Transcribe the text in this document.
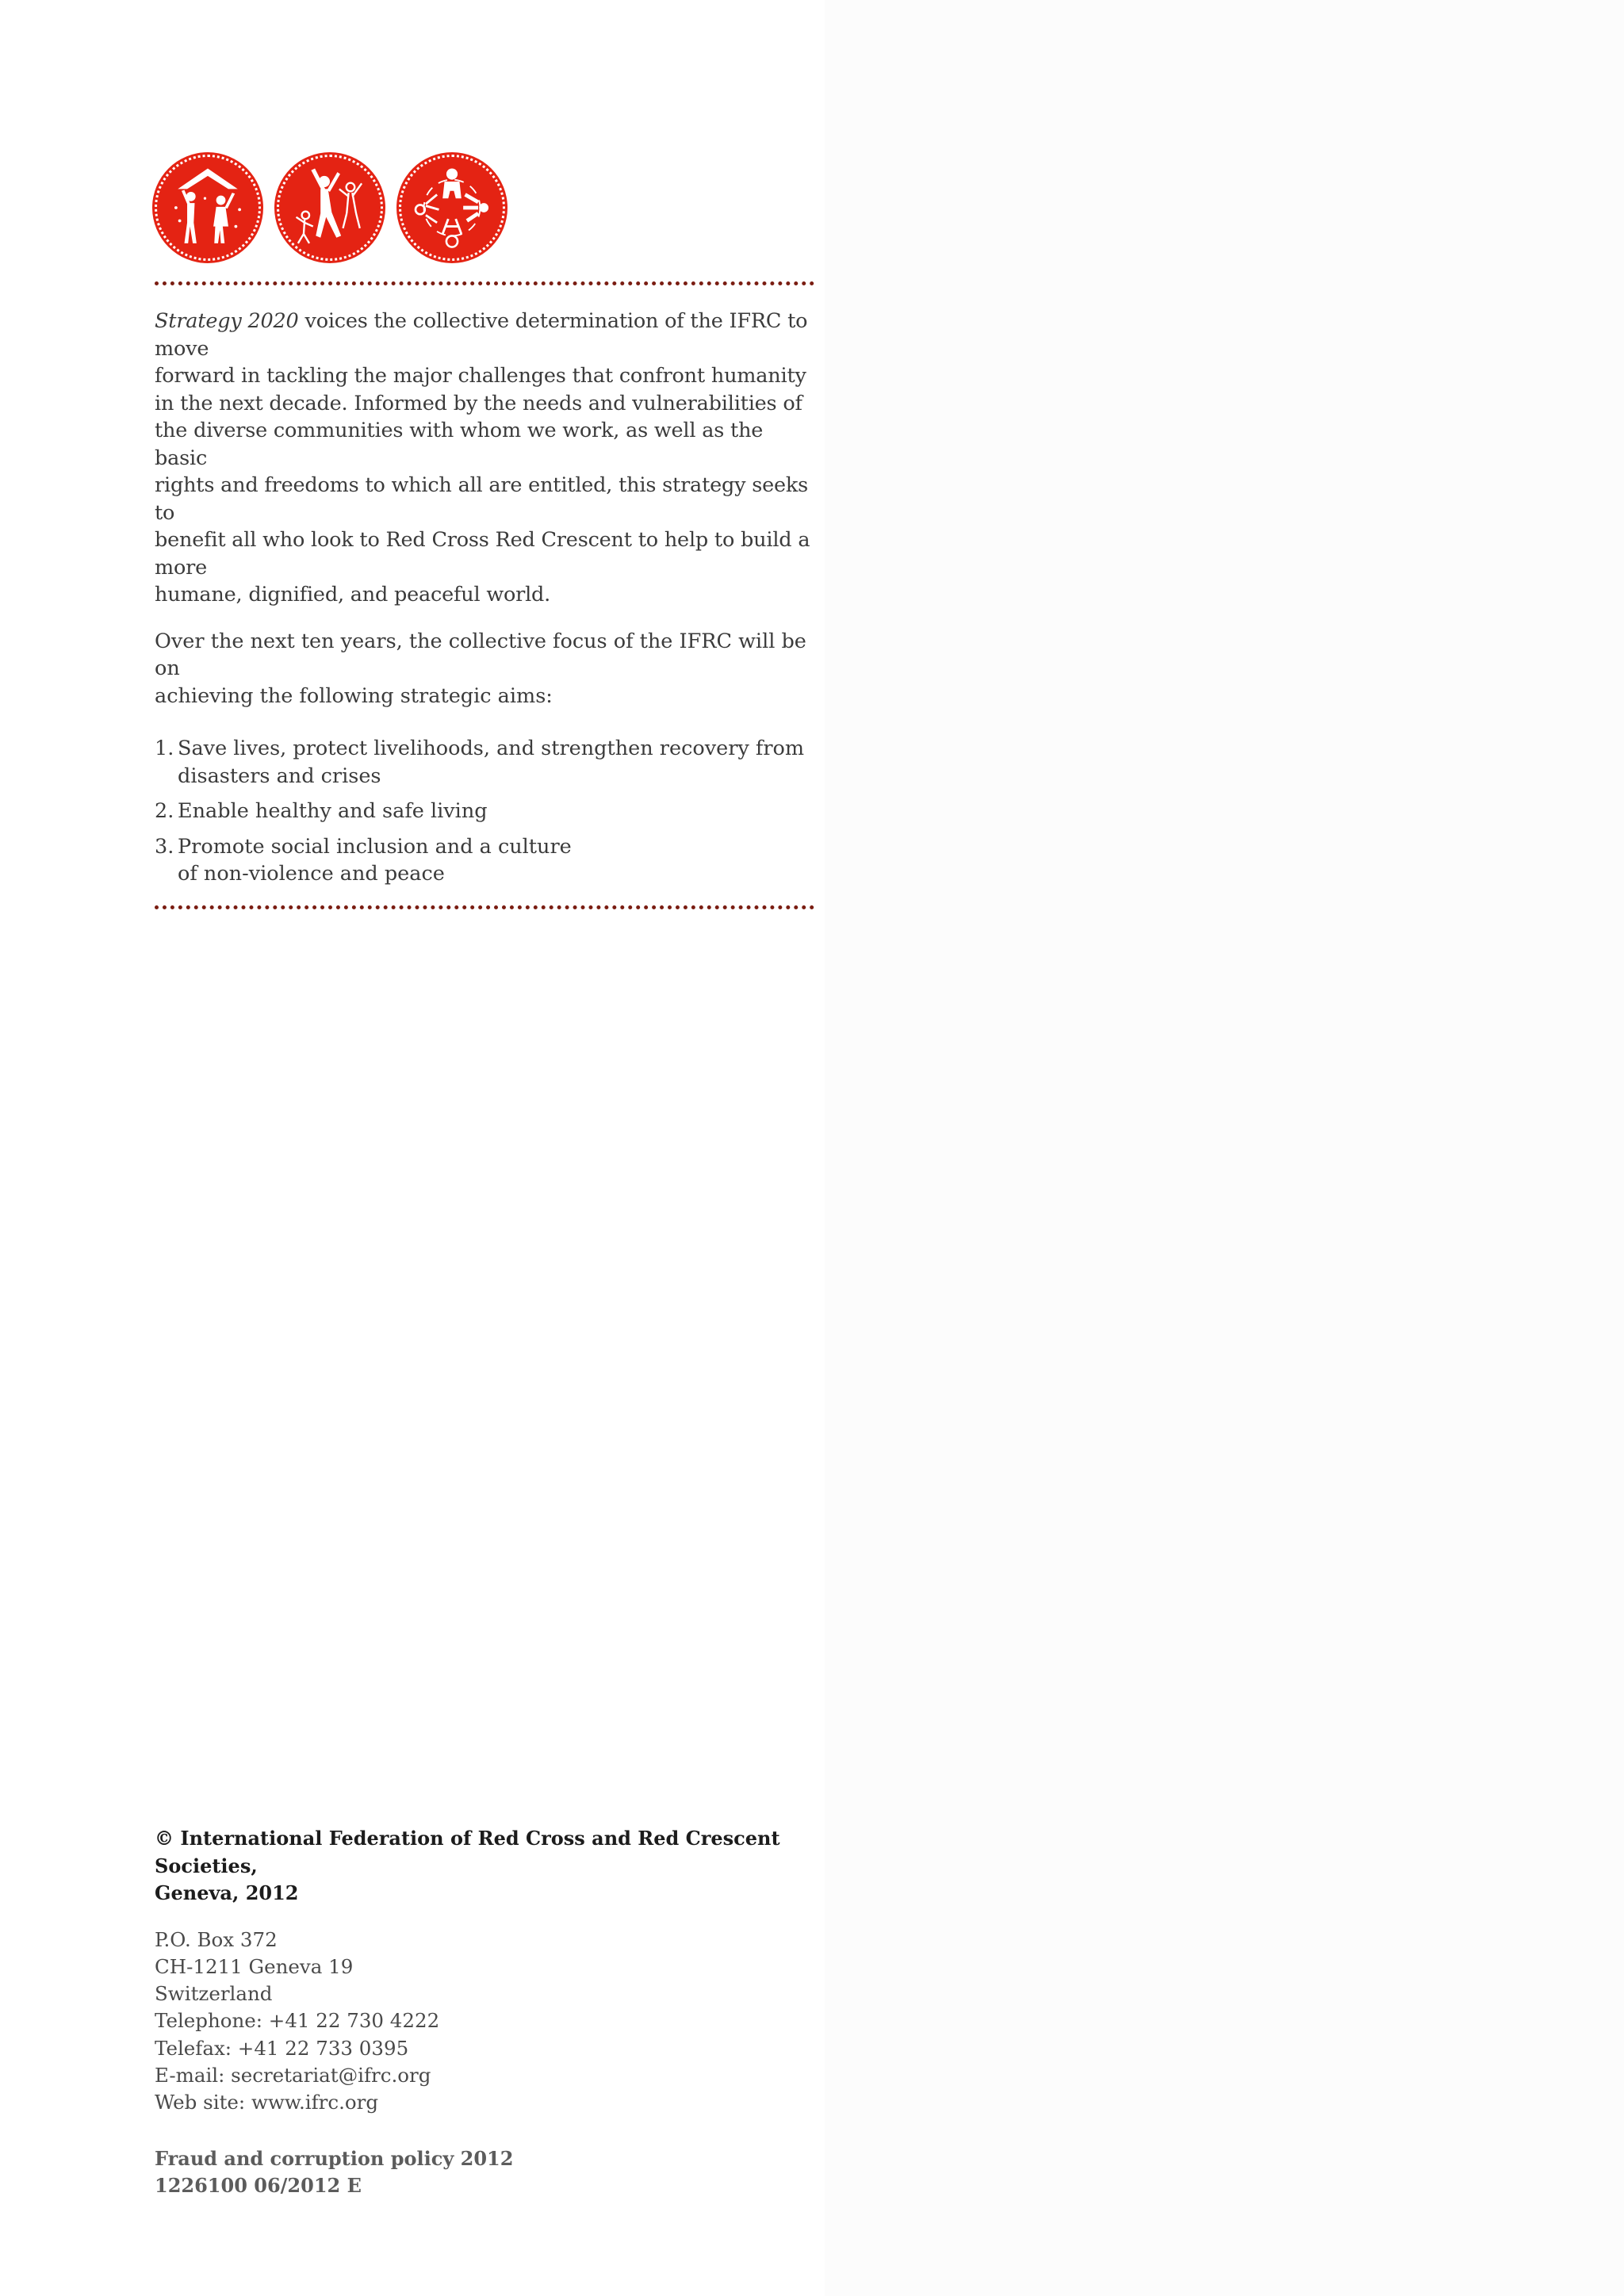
Strategy 2020 voices the collective determination of the IFRC to move
forward in tackling the major challenges that confront humanity
in the next decade. Informed by the needs and vulnerabilities of
the diverse communities with whom we work, as well as the basic
rights and freedoms to which all are entitled, this strategy seeks to
benefit all who look to Red Cross Red Crescent to help to build a more
humane, dignified, and peaceful world.

Over the next ten years, the collective focus of the IFRC will be on
achieving the following strategic aims:

1. Save lives, protect livelihoods, and strengthen recovery from
disasters and crises
2. Enable healthy and safe living
3. Promote social inclusion and a culture
of non-violence and peace

© International Federation of Red Cross and Red Crescent Societies,
Geneva, 2012

P.O. Box 372
CH-1211 Geneva 19
Switzerland
Telephone: +41 22 730 4222
Telefax: +41 22 733 0395
E-mail: secretariat@ifrc.org
Web site: www.ifrc.org
Fraud and corruption policy 2012
1226100 06/2012 E
